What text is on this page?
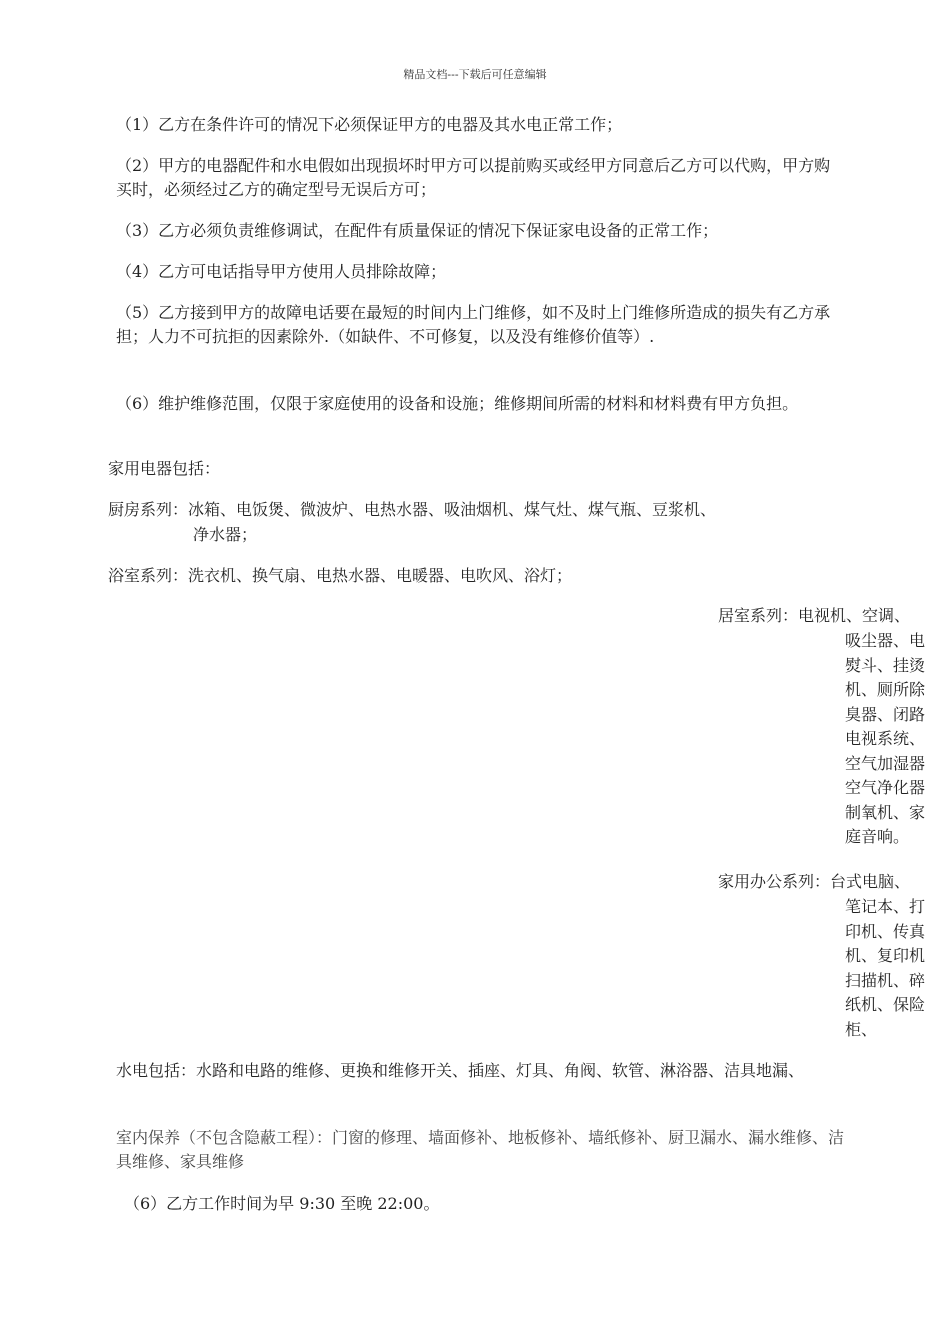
精品文档---下载后可任意编辑
（1）乙方在条件许可的情况下必须保证甲方的电器及其水电正常工作；
（2）甲方的电器配件和水电假如出现损坏时甲方可以提前购买或经甲方同意后乙方可以代购，甲方购买时，必须经过乙方的确定型号无误后方可；
（3）乙方必须负责维修调试，在配件有质量保证的情况下保证家电设备的正常工作；
（4）乙方可电话指导甲方使用人员排除故障；
（5）乙方接到甲方的故障电话要在最短的时间内上门维修，如不及时上门维修所造成的损失有乙方承担；人力不可抗拒的因素除外.（如缺件、不可修复，以及没有维修价值等）.
（6）维护维修范围，仅限于家庭使用的设备和设施；维修期间所需的材料和材料费有甲方负担。
家用电器包括：
厨房系列：冰箱、电饭煲、微波炉、电热水器、吸油烟机、煤气灶、煤气瓶、豆浆机、
净水器；
浴室系列：洗衣机、换气扇、电热水器、电暖器、电吹风、浴灯；
居室系列：电视机、空调、
吸尘器、电
熨斗、挂烫
机、厕所除
臭器、闭路
电视系统、
空气加湿器
空气净化器
制氧机、家
庭音响。
家用办公系列：台式电脑、
笔记本、打
印机、传真
机、复印机
扫描机、碎
纸机、保险
柜、
水电包括：水路和电路的维修、更换和维修开关、插座、灯具、角阀、软管、淋浴器、洁具地漏、
室内保养（不包含隐蔽工程）：门窗的修理、墙面修补、地板修补、墙纸修补、厨卫漏水、漏水维修、洁具维修、家具维修
（6）乙方工作时间为早 9:30 至晚 22:00。
